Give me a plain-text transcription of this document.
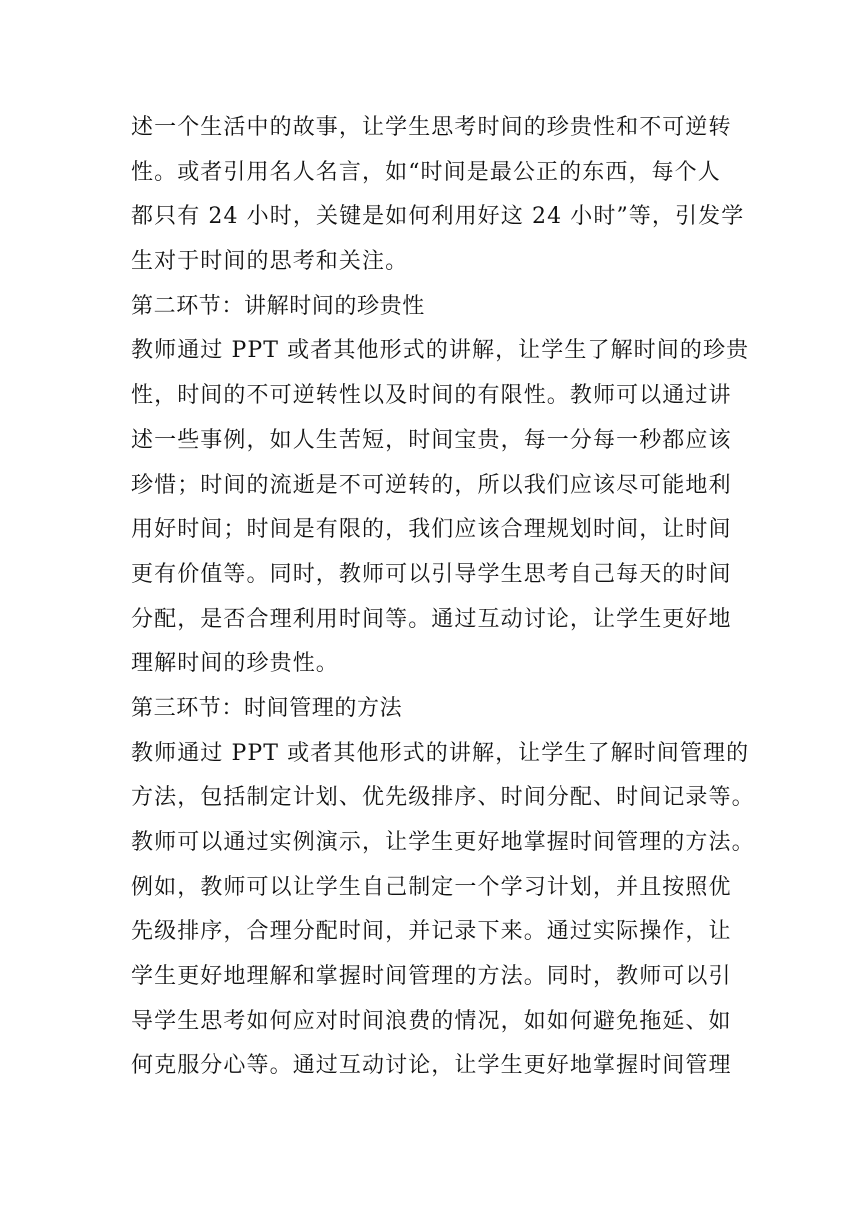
述一个生活中的故事，让学生思考时间的珍贵性和不可逆转
性。或者引用名人名言，如“时间是最公正的东西，每个人
都只有 24 小时，关键是如何利用好这 24 小时”等，引发学
生对于时间的思考和关注。
第二环节：讲解时间的珍贵性
教师通过 PPT 或者其他形式的讲解，让学生了解时间的珍贵
性，时间的不可逆转性以及时间的有限性。教师可以通过讲
述一些事例，如人生苦短，时间宝贵，每一分每一秒都应该
珍惜；时间的流逝是不可逆转的，所以我们应该尽可能地利
用好时间；时间是有限的，我们应该合理规划时间，让时间
更有价值等。同时，教师可以引导学生思考自己每天的时间
分配，是否合理利用时间等。通过互动讨论，让学生更好地
理解时间的珍贵性。
第三环节：时间管理的方法
教师通过 PPT 或者其他形式的讲解，让学生了解时间管理的
方法，包括制定计划、优先级排序、时间分配、时间记录等。
教师可以通过实例演示，让学生更好地掌握时间管理的方法。
例如，教师可以让学生自己制定一个学习计划，并且按照优
先级排序，合理分配时间，并记录下来。通过实际操作，让
学生更好地理解和掌握时间管理的方法。同时，教师可以引
导学生思考如何应对时间浪费的情况，如如何避免拖延、如
何克服分心等。通过互动讨论，让学生更好地掌握时间管理
